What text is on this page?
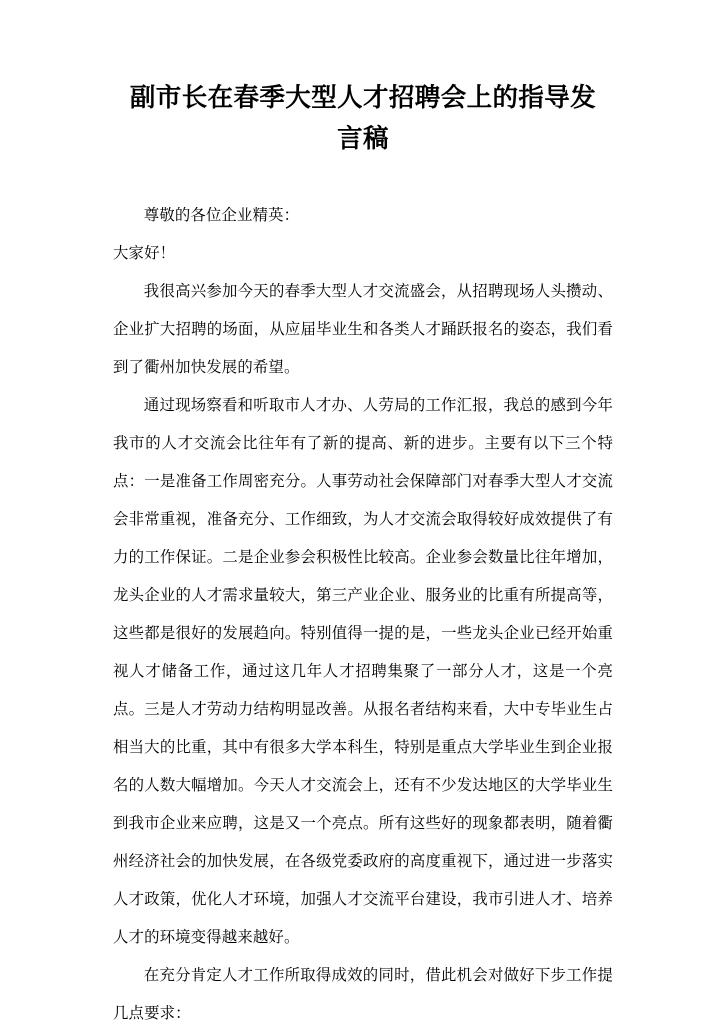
副市长在春季大型人才招聘会上的指导发
言稿

尊敬的各位企业精英：

大家好！

我很高兴参加今天的春季大型人才交流盛会，从招聘现场人头攒动、企业扩大招聘的场面，从应届毕业生和各类人才踊跃报名的姿态，我们看到了衢州加快发展的希望。

通过现场察看和听取市人才办、人劳局的工作汇报，我总的感到今年我市的人才交流会比往年有了新的提高、新的进步。主要有以下三个特点：一是准备工作周密充分。人事劳动社会保障部门对春季大型人才交流会非常重视，准备充分、工作细致，为人才交流会取得较好成效提供了有力的工作保证。二是企业参会积极性比较高。企业参会数量比往年增加，龙头企业的人才需求量较大，第三产业企业、服务业的比重有所提高等，这些都是很好的发展趋向。特别值得一提的是，一些龙头企业已经开始重视人才储备工作，通过这几年人才招聘集聚了一部分人才，这是一个亮点。三是人才劳动力结构明显改善。从报名者结构来看，大中专毕业生占相当大的比重，其中有很多大学本科生，特别是重点大学毕业生到企业报名的人数大幅增加。今天人才交流会上，还有不少发达地区的大学毕业生到我市企业来应聘，这是又一个亮点。所有这些好的现象都表明，随着衢州经济社会的加快发展，在各级党委政府的高度重视下，通过进一步落实人才政策，优化人才环境，加强人才交流平台建设，我市引进人才、培养人才的环境变得越来越好。

在充分肯定人才工作所取得成效的同时，借此机会对做好下步工作提几点要求：
